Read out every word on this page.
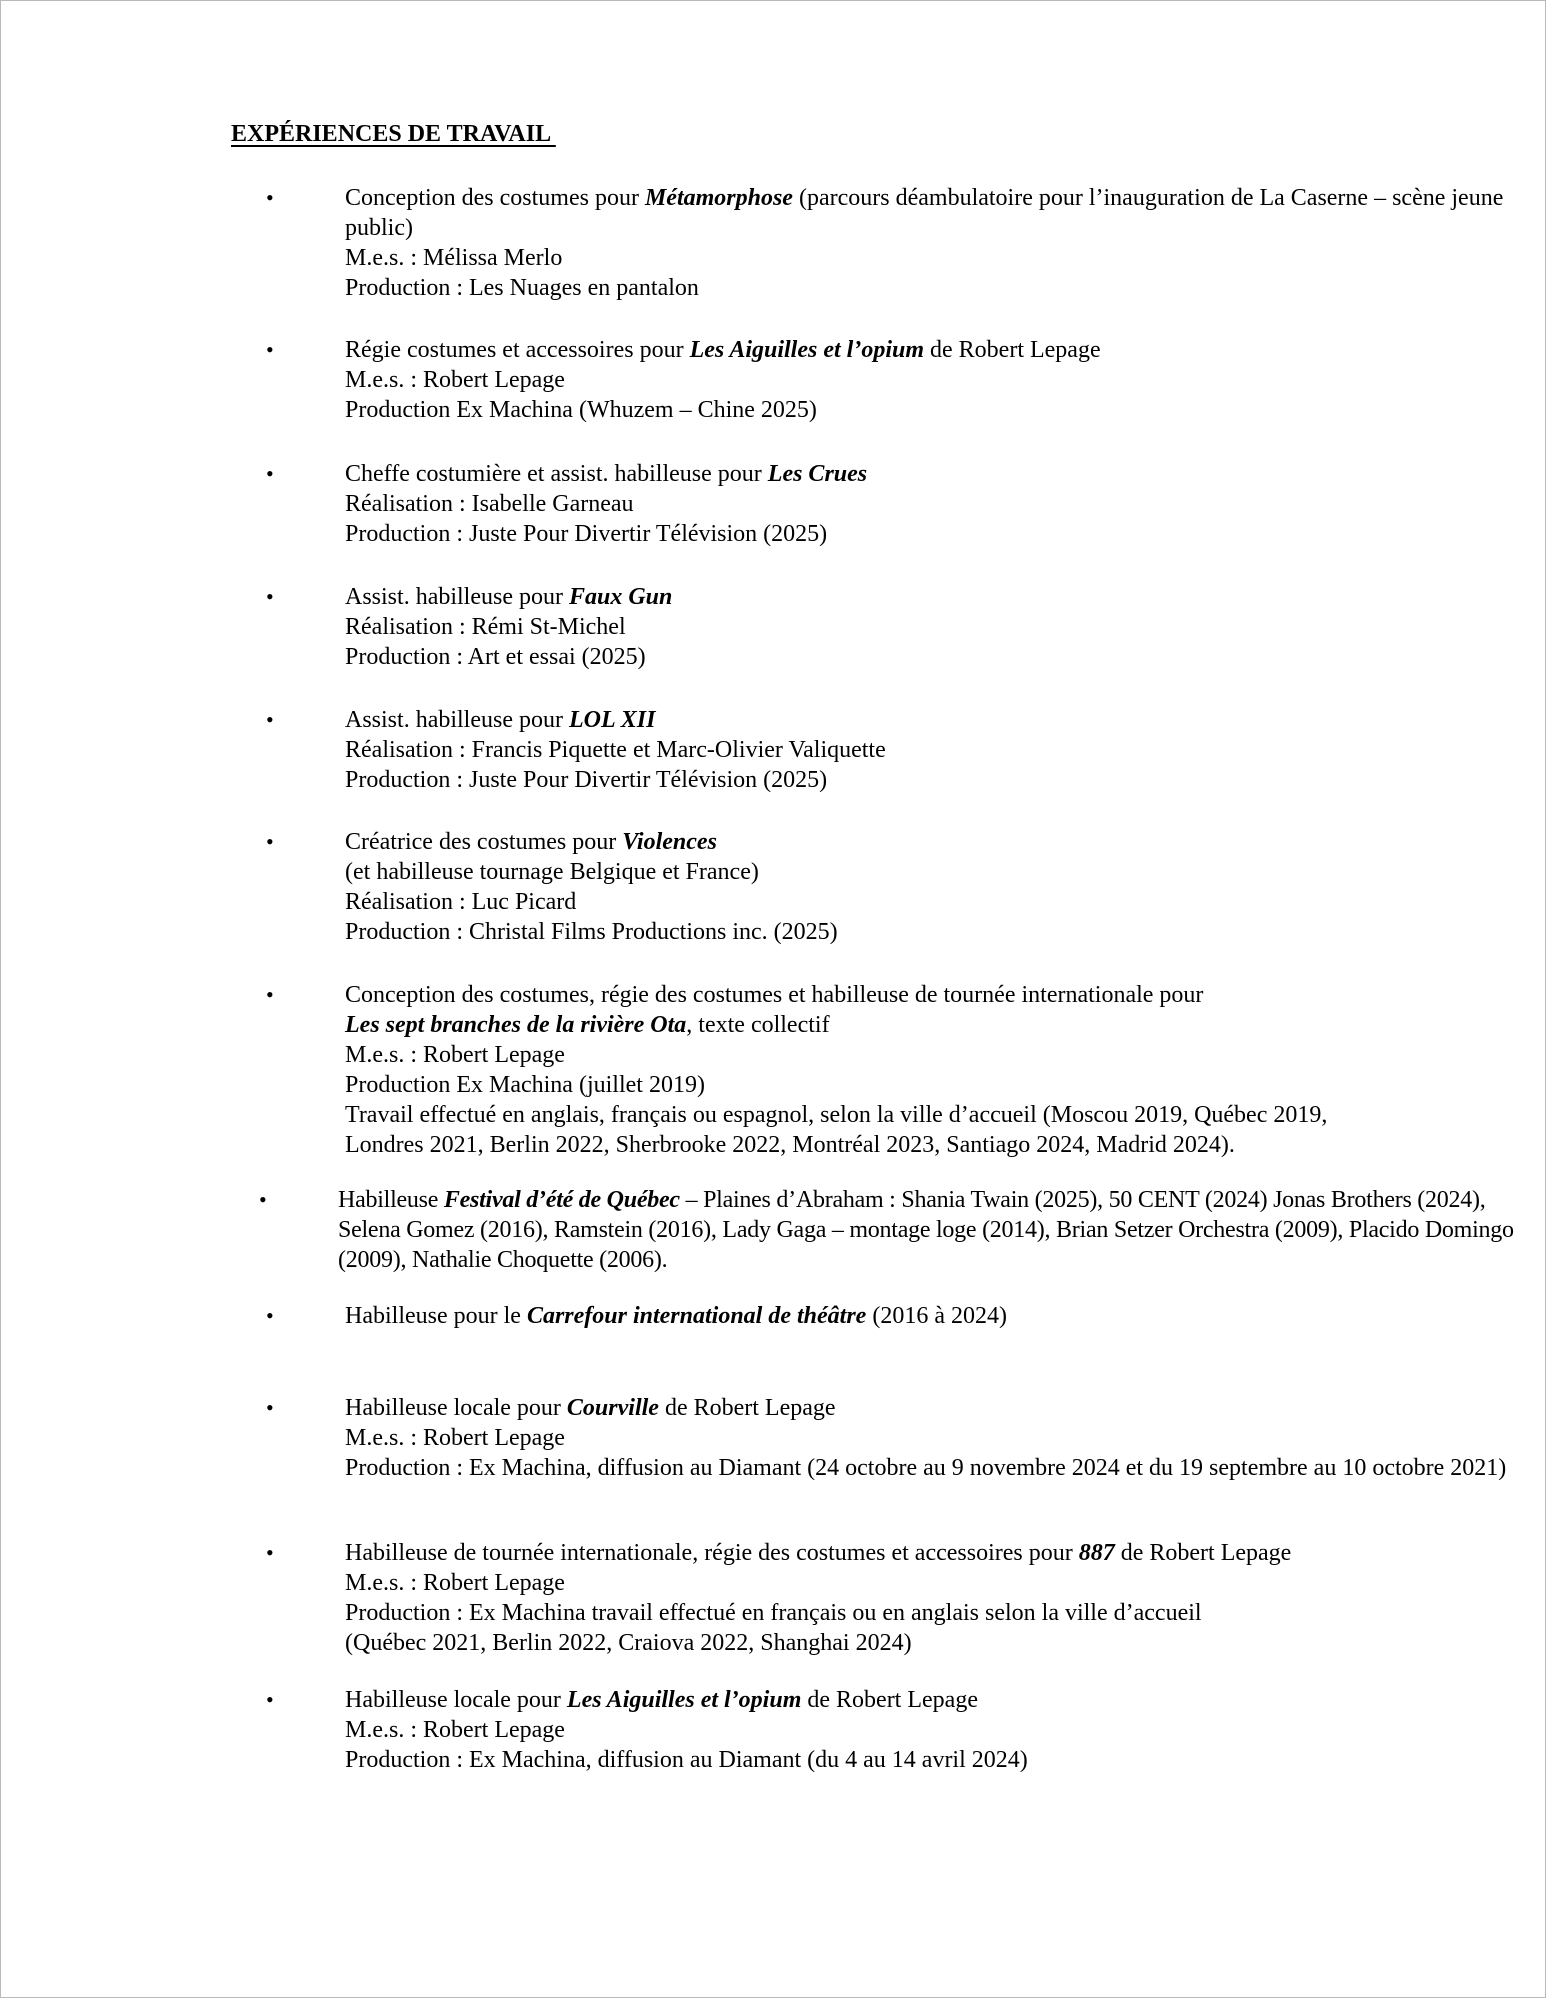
EXPÉRIENCES DE TRAVAIL
•	Conception des costumes pour Métamorphose (parcours déambulatoire pour l’inauguration de La Caserne – scène jeune public)
M.e.s. : Mélissa Merlo
Production : Les Nuages en pantalon
•	Régie costumes et accessoires pour Les Aiguilles et l’opium de Robert Lepage
M.e.s. : Robert Lepage
Production Ex Machina (Whuzem – Chine 2025)
•	Cheffe costumière et assist. habilleuse pour Les Crues
Réalisation : Isabelle Garneau
Production : Juste Pour Divertir Télévision (2025)
•	Assist. habilleuse pour Faux Gun
Réalisation : Rémi St-Michel
Production : Art et essai (2025)
•	Assist. habilleuse pour LOL XII
Réalisation : Francis Piquette et Marc-Olivier Valiquette
Production : Juste Pour Divertir Télévision (2025)
•	Créatrice des costumes pour Violences
(et habilleuse tournage Belgique et France)
Réalisation : Luc Picard
Production : Christal Films Productions inc. (2025)
•	Conception des costumes, régie des costumes et habilleuse de tournée internationale pour
Les sept branches de la rivière Ota, texte collectif
M.e.s. : Robert Lepage
Production Ex Machina (juillet 2019)
Travail effectué en anglais, français ou espagnol, selon la ville d’accueil (Moscou 2019, Québec 2019,
Londres 2021, Berlin 2022, Sherbrooke 2022, Montréal 2023, Santiago 2024, Madrid 2024).
•	Habilleuse Festival d’été de Québec – Plaines d’Abraham : Shania Twain (2025), 50 CENT (2024) Jonas Brothers (2024), Selena Gomez (2016), Ramstein (2016), Lady Gaga – montage loge (2014), Brian Setzer Orchestra (2009), Placido Domingo (2009), Nathalie Choquette (2006).
•	Habilleuse pour le Carrefour international de théâtre (2016 à 2024)
•	Habilleuse locale pour Courville de Robert Lepage
M.e.s. : Robert Lepage
Production : Ex Machina, diffusion au Diamant (24 octobre au 9 novembre 2024 et du 19 septembre au 10 octobre 2021)
•	Habilleuse de tournée internationale, régie des costumes et accessoires pour 887 de Robert Lepage
M.e.s. : Robert Lepage
Production : Ex Machina travail effectué en français ou en anglais selon la ville d’accueil
(Québec 2021, Berlin 2022, Craiova 2022, Shanghai 2024)
•	Habilleuse locale pour Les Aiguilles et l’opium de Robert Lepage
M.e.s. : Robert Lepage
Production : Ex Machina, diffusion au Diamant (du 4 au 14 avril 2024)
